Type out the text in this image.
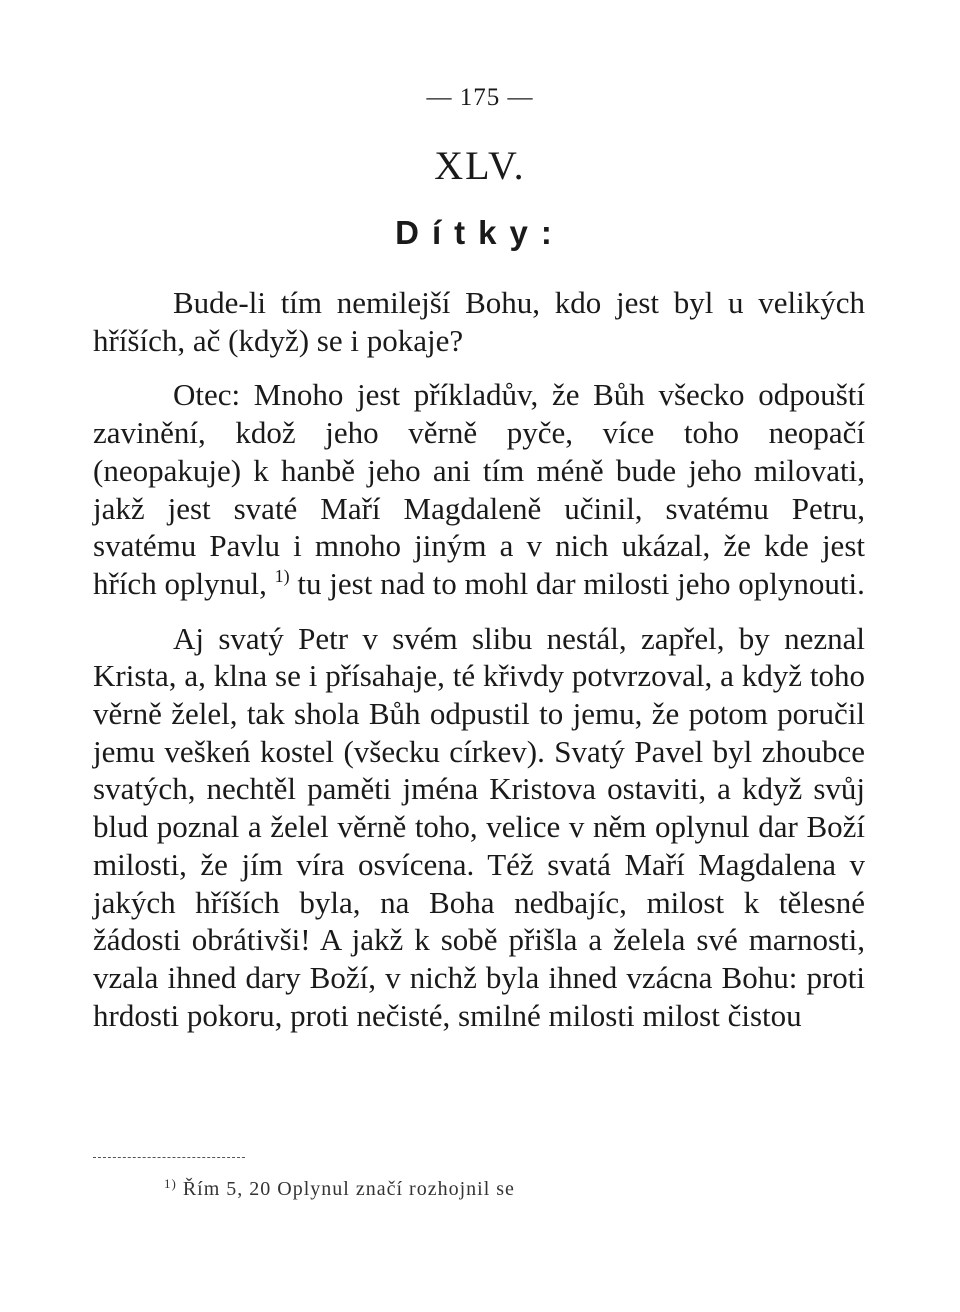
— 175 —
XLV.
Dítky:

Bude-li tím nemilejší Bohu, kdo jest byl u velikých hříších, ač (když) se i pokaje?

Otec: Mnoho jest příkladův, že Bůh všecko odpouští zavinění, kdož jeho věrně pyče, více toho neopačí (neopakuje) k hanbě jeho ani tím méně bude jeho milovati, jakž jest svaté Maří Magdaleně učinil, svatému Petru, svatému Pavlu i mnoho jiným a v nich ukázal, že kde jest hřích oplynul, $^{1)}$ tu jest nad to mohl dar milosti jeho oplynouti.

Aj svatý Petr v svém slibu nestál, zapřel, by neznal Krista, a, klna se i přísahaje, té křivdy potvrzoval, a když toho věrně želel, tak shola Bůh odpustil to jemu, že potom poručil jemu veškeń kostel (všecku církev). Svatý Pavel byl zhoubce svatých, nechtěl paměti jména Kristova ostaviti, a když svůj blud poznal a želel věrně toho, velice v něm oplynul dar Boží milosti, že jím víra osvícena. Též svatá Maří Magdalena v jakých hříších byla, na Boha nedbajíc, milost k tělesné žádosti obrátivši! A jakž k sobě přišla a želela své marnosti, vzala ihned dary Boží, v nichž byla ihned vzácna Bohu: proti hrdosti pokoru, proti nečisté, smilné milosti milost čistou

$^{1)}$ Řím 5, 20 Oplynul značí rozhojnil se
